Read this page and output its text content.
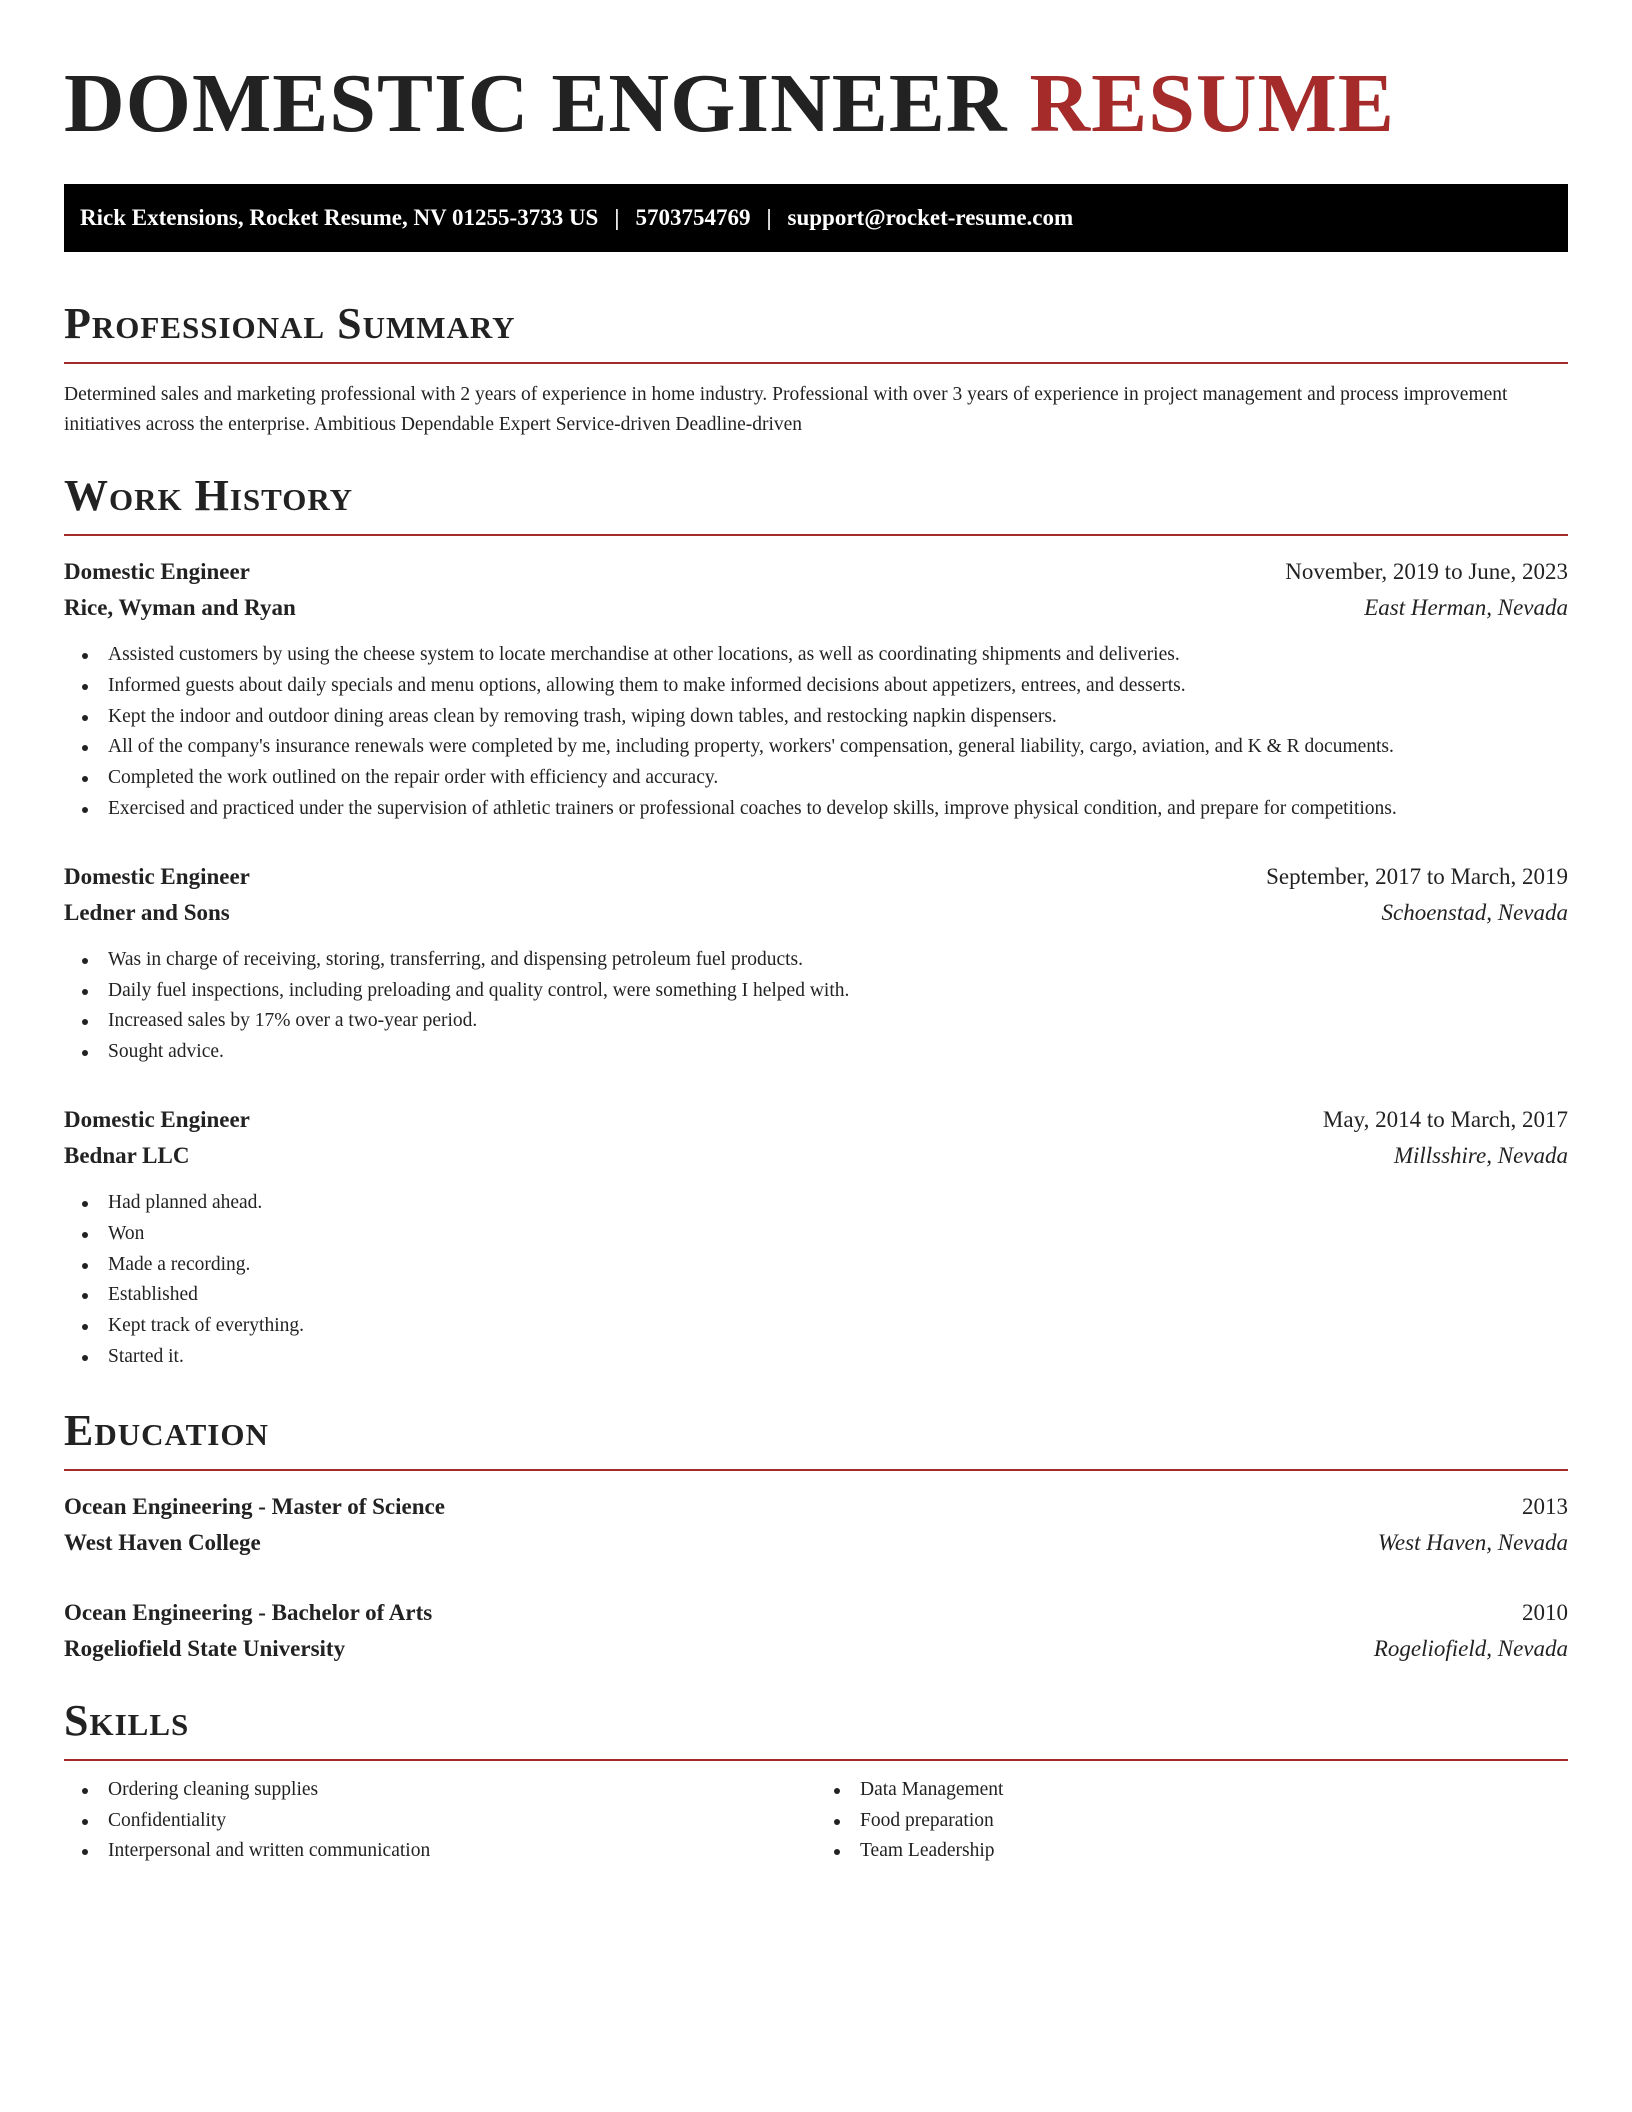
DOMESTIC ENGINEER RESUME
Rick Extensions, Rocket Resume, NV 01255-3733 US | 5703754769 | support@rocket-resume.com
Professional Summary

Determined sales and marketing professional with 2 years of experience in home industry. Professional with over 3 years of experience in project management and process improvement initiatives across the enterprise. Ambitious Dependable Expert Service-driven Deadline-driven

Work History
Domestic Engineer	November, 2019 to June, 2023
Rice, Wyman and Ryan	East Herman, Nevada
Assisted customers by using the cheese system to locate merchandise at other locations, as well as coordinating shipments and deliveries.
Informed guests about daily specials and menu options, allowing them to make informed decisions about appetizers, entrees, and desserts.
Kept the indoor and outdoor dining areas clean by removing trash, wiping down tables, and restocking napkin dispensers.
All of the company's insurance renewals were completed by me, including property, workers' compensation, general liability, cargo, aviation, and K & R documents.
Completed the work outlined on the repair order with efficiency and accuracy.
Exercised and practiced under the supervision of athletic trainers or professional coaches to develop skills, improve physical condition, and prepare for competitions.
Domestic Engineer	September, 2017 to March, 2019
Ledner and Sons	Schoenstad, Nevada
Was in charge of receiving, storing, transferring, and dispensing petroleum fuel products.
Daily fuel inspections, including preloading and quality control, were something I helped with.
Increased sales by 17% over a two-year period.
Sought advice.
Domestic Engineer	May, 2014 to March, 2017
Bednar LLC	Millsshire, Nevada
Had planned ahead.
Won
Made a recording.
Established
Kept track of everything.
Started it.
Education
Ocean Engineering - Master of Science	2013
West Haven College	West Haven, Nevada
Ocean Engineering - Bachelor of Arts	2010
Rogeliofield State University	Rogeliofield, Nevada
Skills
Ordering cleaning supplies
Confidentiality
Interpersonal and written communication
Data Management
Food preparation
Team Leadership
